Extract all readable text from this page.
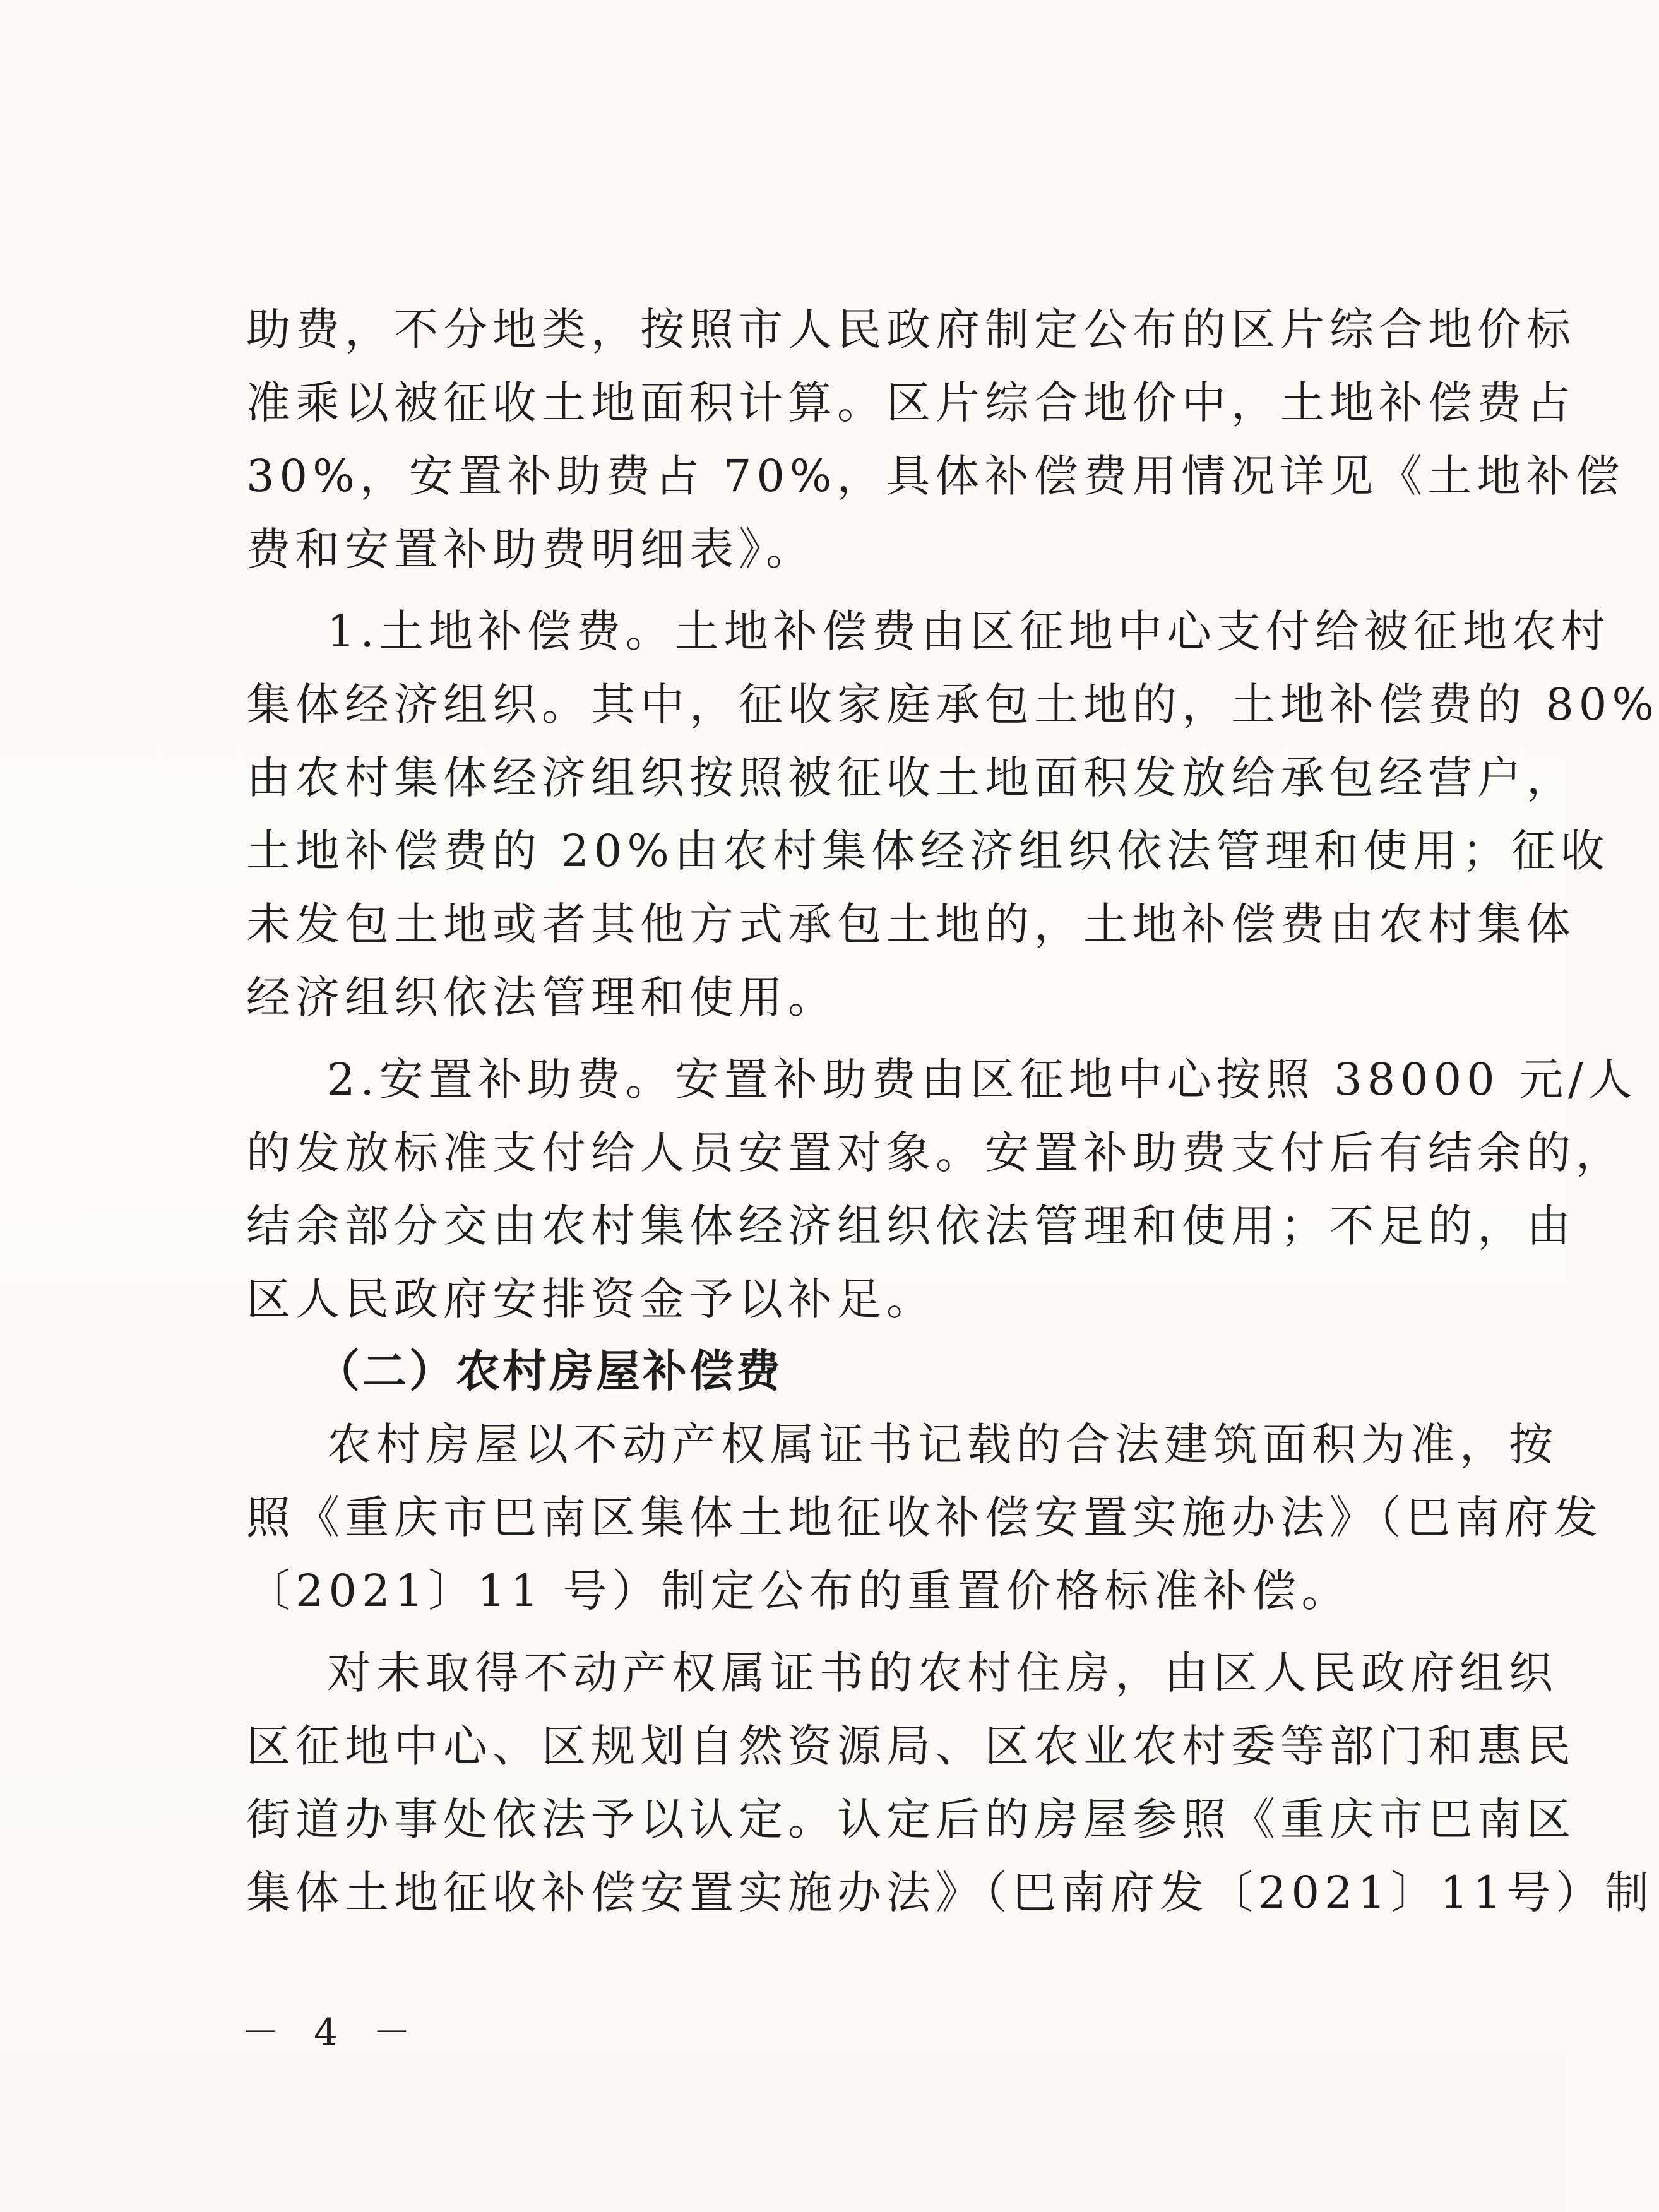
助费，不分地类，按照市人民政府制定公布的区片综合地价标
准乘以被征收土地面积计算。区片综合地价中，土地补偿费占
30%，安置补助费占 70%，具体补偿费用情况详见《土地补偿
费和安置补助费明细表》。
1.土地补偿费。土地补偿费由区征地中心支付给被征地农村
集体经济组织。其中，征收家庭承包土地的，土地补偿费的 80%
由农村集体经济组织按照被征收土地面积发放给承包经营户，
土地补偿费的 20%由农村集体经济组织依法管理和使用；征收
未发包土地或者其他方式承包土地的，土地补偿费由农村集体
经济组织依法管理和使用。
2.安置补助费。安置补助费由区征地中心按照 38000 元/人
的发放标准支付给人员安置对象。安置补助费支付后有结余的，
结余部分交由农村集体经济组织依法管理和使用；不足的，由
区人民政府安排资金予以补足。
（二）农村房屋补偿费
农村房屋以不动产权属证书记载的合法建筑面积为准，按
照《重庆市巴南区集体土地征收补偿安置实施办法》（巴南府发
〔2021〕11 号）制定公布的重置价格标准补偿。
对未取得不动产权属证书的农村住房，由区人民政府组织
区征地中心、区规划自然资源局、区农业农村委等部门和惠民
街道办事处依法予以认定。认定后的房屋参照《重庆市巴南区
集体土地征收补偿安置实施办法》（巴南府发〔2021〕11号）制
－ 4 －
